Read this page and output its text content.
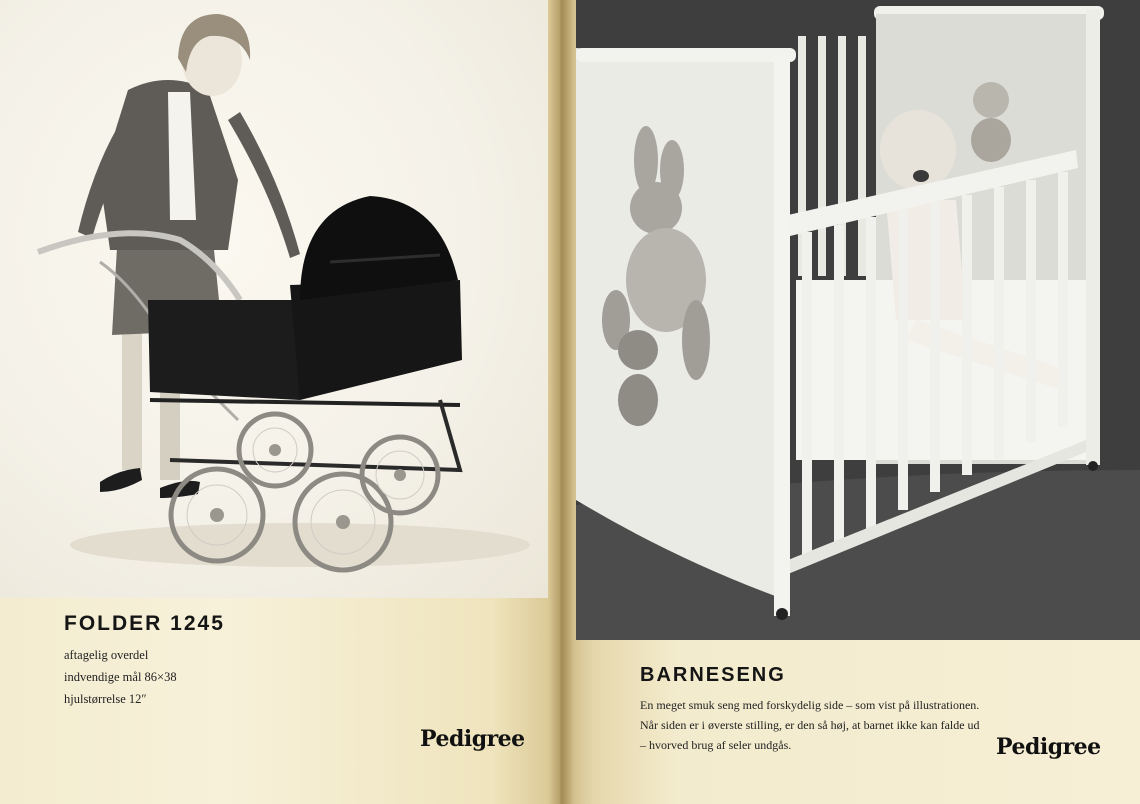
FOLDER 1245
aftagelig overdel
indvendige mål 86×38
hjulstørrelse 12″
Pedigree
BARNESENG
En meget smuk seng med forskydelig side – som vist på illustrationen. Når siden er i øverste stilling, er den så høj, at barnet ikke kan falde ud – hvorved brug af seler undgås.	Pedigree
